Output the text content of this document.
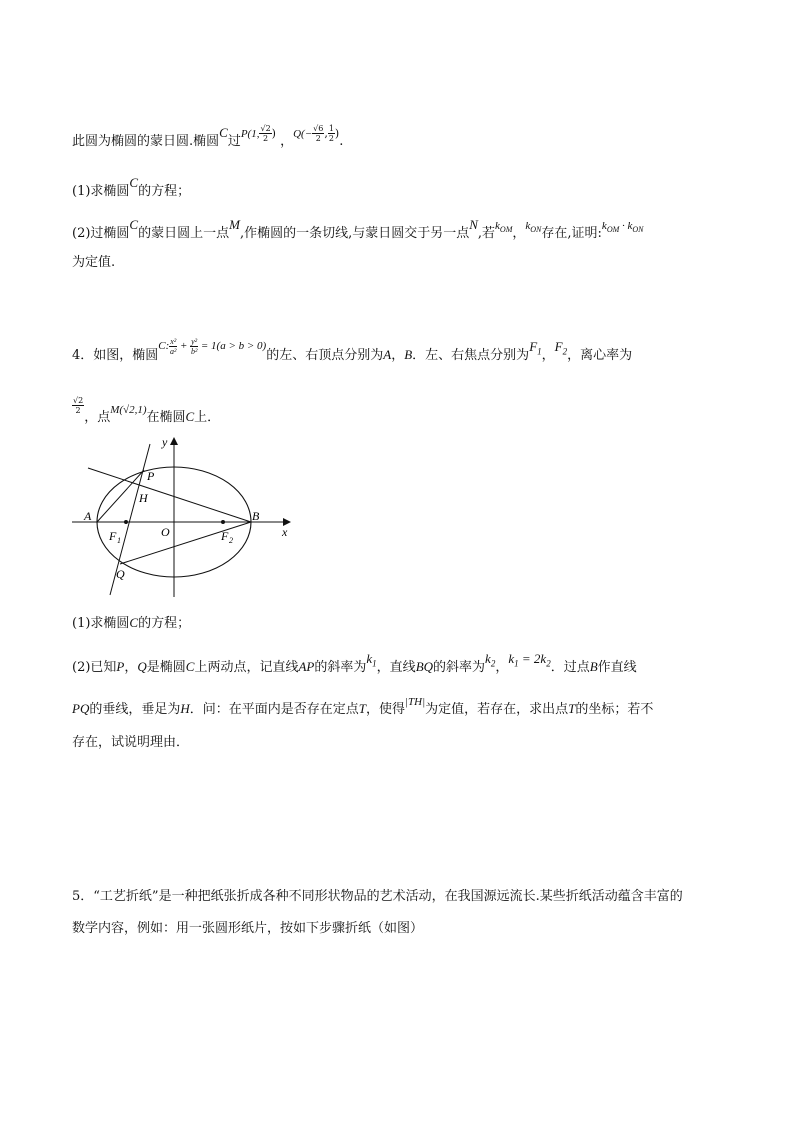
此圆为椭圆的蒙日圆.椭圆C过$^{P(1,} \frac{√2}{2} ^)$ ，$^{Q(-} \frac{√6}{2} ^, \frac{1}{2} ^)$.
(1)求椭圆C的方程；
(2)过椭圆C的蒙日圆上一点M,作椭圆的一条切线,与蒙日圆交于另一点N,若$^{k_{OM}}$，$^{k_{ON}}$存在,证明:$^{k_{OM} \cdot k_{ON}}$
为定值.
4．如图，椭圆$^{C: \frac{\text{x²}}{\text{a²}} + \frac{\text{y²}}{\text{b²}} = 1(a > b > 0)}$的左、右顶点分别为A，B．左、右焦点分别为$F_1$，$F_2$，离心率为
$\frac{√2}{2}$
，点$^{M(√2,1)}$在椭圆C上．
y
x
O
A	B
P
H
Q
F 1	F 2
(1)求椭圆C的方程；
(2)已知P，Q是椭圆C上两动点，记直线AP的斜率为$k_1$，直线BQ的斜率为$k_2$，$k_1 = 2k_2$．过点B作直线
PQ的垂线，垂足为H．问：在平面内是否存在定点T，使得$^{|TH|}$为定值，若存在，求出点T的坐标；若不
存在，试说明理由．
5．“工艺折纸”是一种把纸张折成各种不同形状物品的艺术活动，在我国源远流长.某些折纸活动蕴含丰富的
数学内容，例如：用一张圆形纸片，按如下步骤折纸（如图）
